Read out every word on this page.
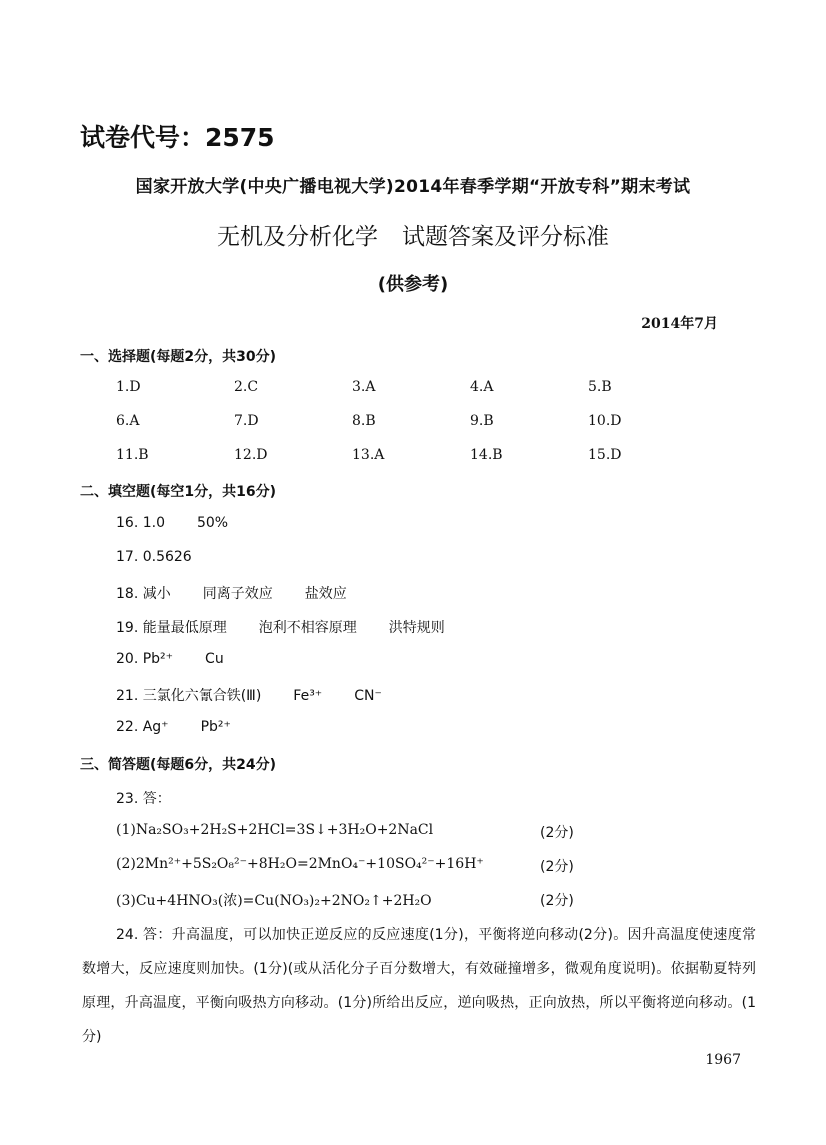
试卷代号：2575
国家开放大学(中央广播电视大学)2014年春季学期“开放专科”期末考试
无机及分析化学 试题答案及评分标准
(供参考)
2014年7月
一、选择题(每题2分，共30分)
1.D	2.C	3.A	4.A	5.B
6.A	7.D	8.B	9.B	10.D
11.B	12.D	13.A	14.B	15.D
二、填空题(每空1分，共16分)
16. 1.0 50%
17. 0.5626
18. 减小 同离子效应 盐效应
19. 能量最低原理 泡利不相容原理 洪特规则
20. Pb²⁺ Cu
21. 三氯化六氰合铁(Ⅲ) Fe³⁺ CN⁻
22. Ag⁺ Pb²⁺
三、简答题(每题6分，共24分)
23. 答：
(1)Na₂SO₃+2H₂S+2HCl=3S↓+3H₂O+2NaCl	(2分)
(2)2Mn²⁺+5S₂O₈²⁻+8H₂O=2MnO₄⁻+10SO₄²⁻+16H⁺	(2分)
(3)Cu+4HNO₃(浓)=Cu(NO₃)₂+2NO₂↑+2H₂O	(2分)
24. 答：升高温度，可以加快正逆反应的反应速度(1分)，平衡将逆向移动(2分)。因升高温度使速度常数增大，反应速度则加快。(1分)(或从活化分子百分数增大，有效碰撞增多，微观角度说明)。依据勒夏特列原理，升高温度，平衡向吸热方向移动。(1分)所给出反应，逆向吸热，正向放热，所以平衡将逆向移动。(1分)
1967
